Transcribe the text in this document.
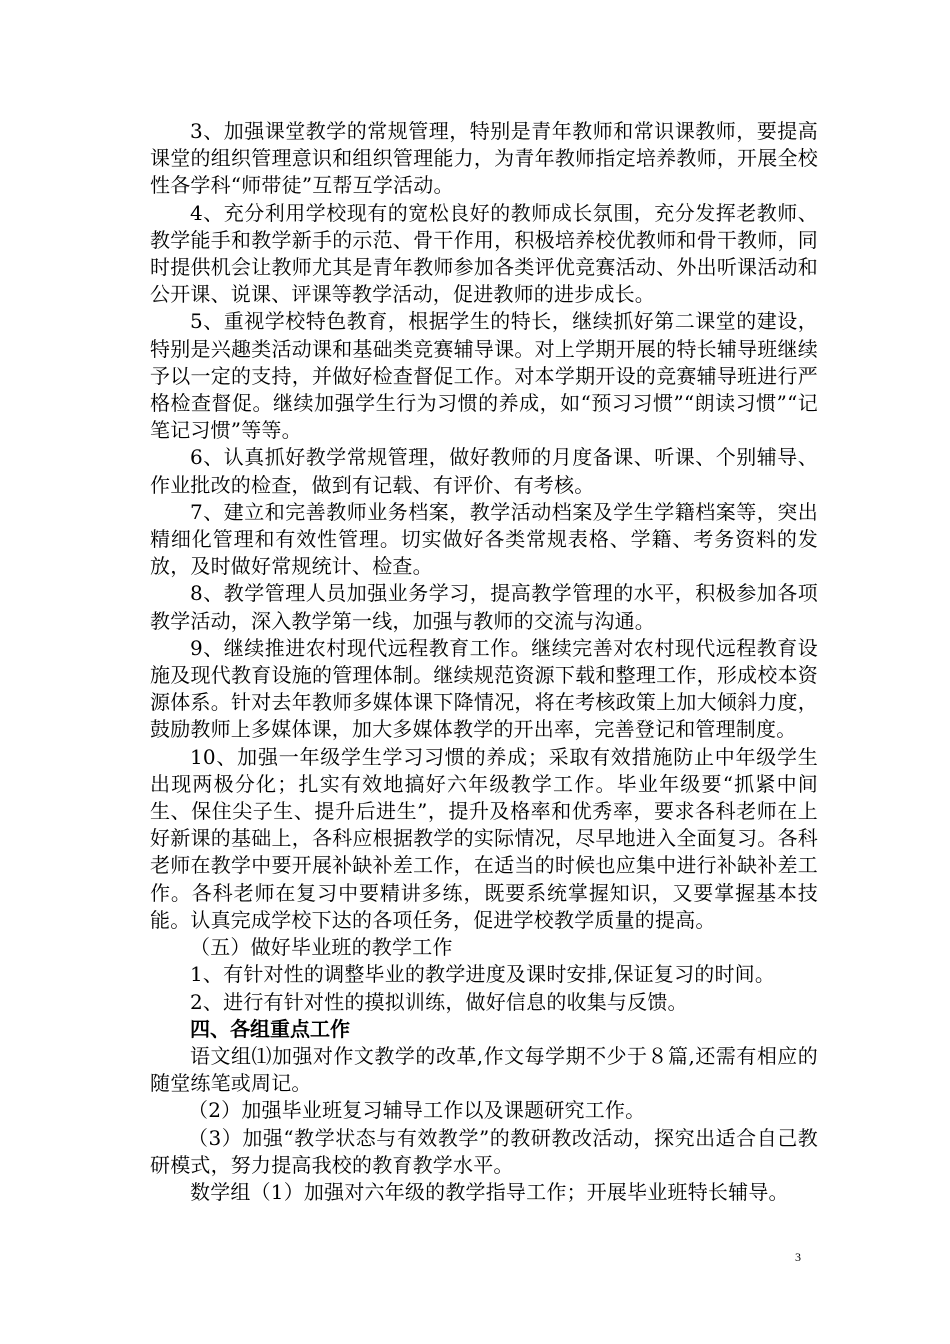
3、加强课堂教学的常规管理，特别是青年教师和常识课教师，要提高课堂的组织管理意识和组织管理能力，为青年教师指定培养教师，开展全校性各学科“师带徒”互帮互学活动。

4、充分利用学校现有的宽松良好的教师成长氛围，充分发挥老教师、教学能手和教学新手的示范、骨干作用，积极培养校优教师和骨干教师，同时提供机会让教师尤其是青年教师参加各类评优竞赛活动、外出听课活动和公开课、说课、评课等教学活动，促进教师的进步成长。

5、重视学校特色教育，根据学生的特长，继续抓好第二课堂的建设，特别是兴趣类活动课和基础类竞赛辅导课。对上学期开展的特长辅导班继续予以一定的支持，并做好检查督促工作。对本学期开设的竞赛辅导班进行严格检查督促。继续加强学生行为习惯的养成，如“预习习惯”“朗读习惯”“记笔记习惯”等等。

6、认真抓好教学常规管理，做好教师的月度备课、听课、个别辅导、作业批改的检查，做到有记载、有评价、有考核。

7、建立和完善教师业务档案，教学活动档案及学生学籍档案等，突出精细化管理和有效性管理。切实做好各类常规表格、学籍、考务资料的发放，及时做好常规统计、检查。

8、教学管理人员加强业务学习，提高教学管理的水平，积极参加各项教学活动，深入教学第一线，加强与教师的交流与沟通。

9、继续推进农村现代远程教育工作。继续完善对农村现代远程教育设施及现代教育设施的管理体制。继续规范资源下载和整理工作，形成校本资源体系。针对去年教师多媒体课下降情况，将在考核政策上加大倾斜力度，鼓励教师上多媒体课，加大多媒体教学的开出率，完善登记和管理制度。

10、加强一年级学生学习习惯的养成；采取有效措施防止中年级学生出现两极分化；扎实有效地搞好六年级教学工作。毕业年级要“抓紧中间生、保住尖子生、提升后进生”，提升及格率和优秀率，要求各科老师在上好新课的基础上，各科应根据教学的实际情况，尽早地进入全面复习。各科老师在教学中要开展补缺补差工作，在适当的时候也应集中进行补缺补差工作。各科老师在复习中要精讲多练，既要系统掌握知识，又要掌握基本技能。认真完成学校下达的各项任务，促进学校教学质量的提高。

（五）做好毕业班的教学工作

1、有针对性的调整毕业的教学进度及课时安排,保证复习的时间。

2、进行有针对性的摸拟训练，做好信息的收集与反馈。

四、各组重点工作

语文组⑴加强对作文教学的改革,作文每学期不少于８篇,还需有相应的随堂练笔或周记。

（2）加强毕业班复习辅导工作以及课题研究工作。

（3）加强“教学状态与有效教学”的教研教改活动，探究出适合自己教研模式，努力提高我校的教育教学水平。

数学组（1）加强对六年级的教学指导工作；开展毕业班特长辅导。

3
